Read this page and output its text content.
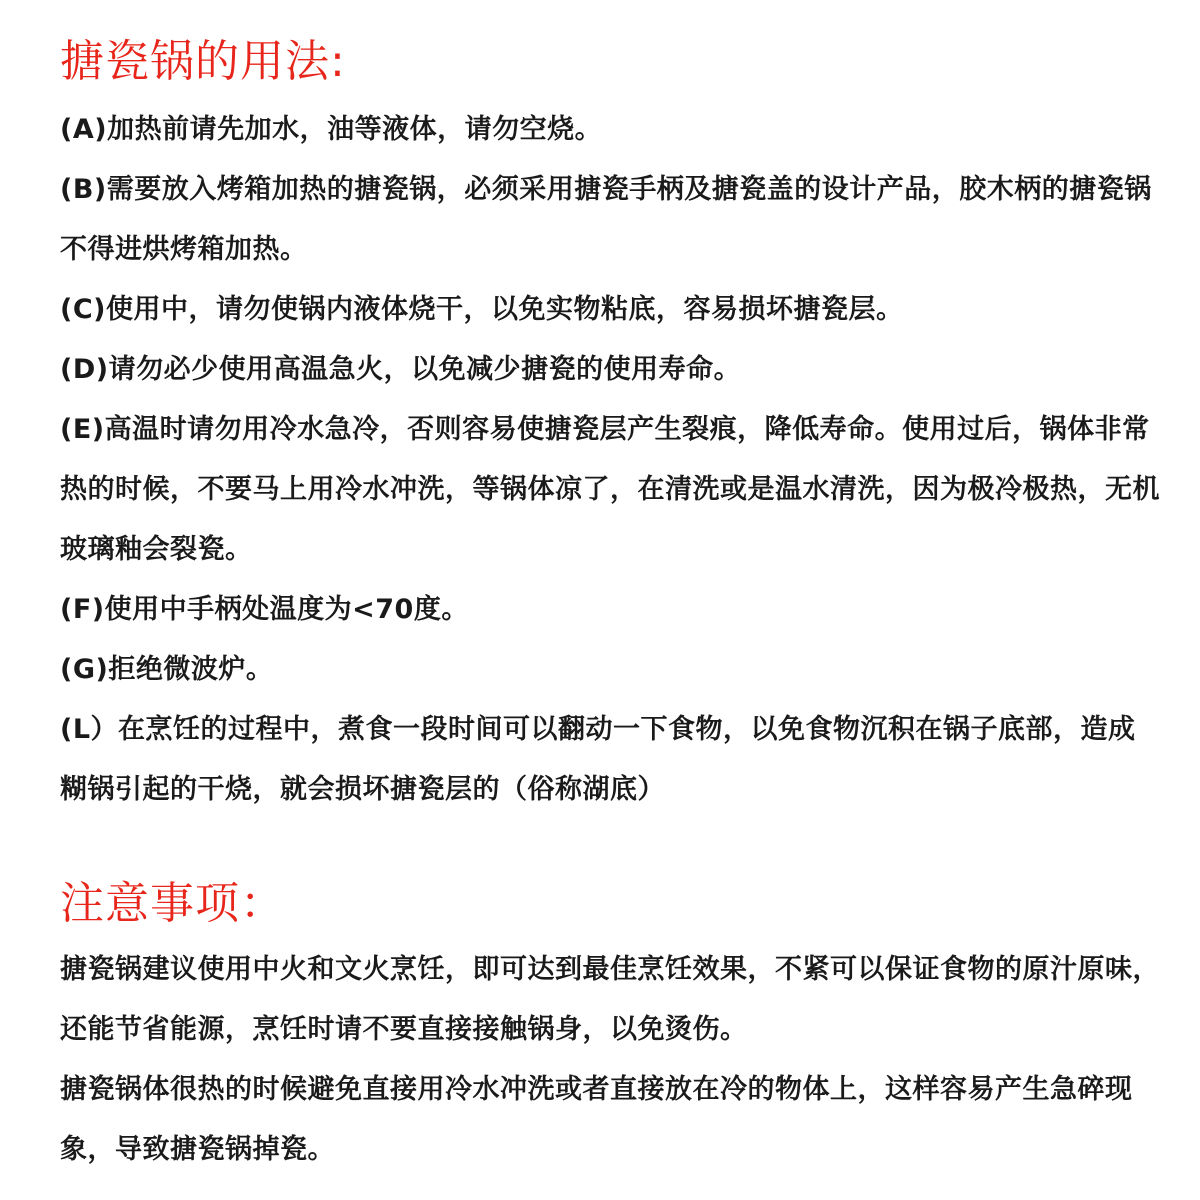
搪瓷锅的用法:

(A)加热前请先加水，油等液体，请勿空烧。

(B)需要放入烤箱加热的搪瓷锅，必须采用搪瓷手柄及搪瓷盖的设计产品，胶木柄的搪瓷锅不得进烘烤箱加热。

(C)使用中，请勿使锅内液体烧干，以免实物粘底，容易损坏搪瓷层。

(D)请勿必少使用高温急火，以免减少搪瓷的使用寿命。

(E)高温时请勿用冷水急冷，否则容易使搪瓷层产生裂痕，降低寿命。使用过后，锅体非常热的时候，不要马上用冷水冲洗，等锅体凉了，在清洗或是温水清洗，因为极冷极热，无机玻璃釉会裂瓷。

(F)使用中手柄处温度为<70度。

(G)拒绝微波炉。

(L）在烹饪的过程中，煮食一段时间可以翻动一下食物，以免食物沉积在锅子底部，造成糊锅引起的干烧，就会损坏搪瓷层的（俗称湖底）

注意事项：

搪瓷锅建议使用中火和文火烹饪，即可达到最佳烹饪效果，不紧可以保证食物的原汁原味，还能节省能源，烹饪时请不要直接接触锅身，以免烫伤。

搪瓷锅体很热的时候避免直接用冷水冲洗或者直接放在冷的物体上，这样容易产生急碎现象，导致搪瓷锅掉瓷。
